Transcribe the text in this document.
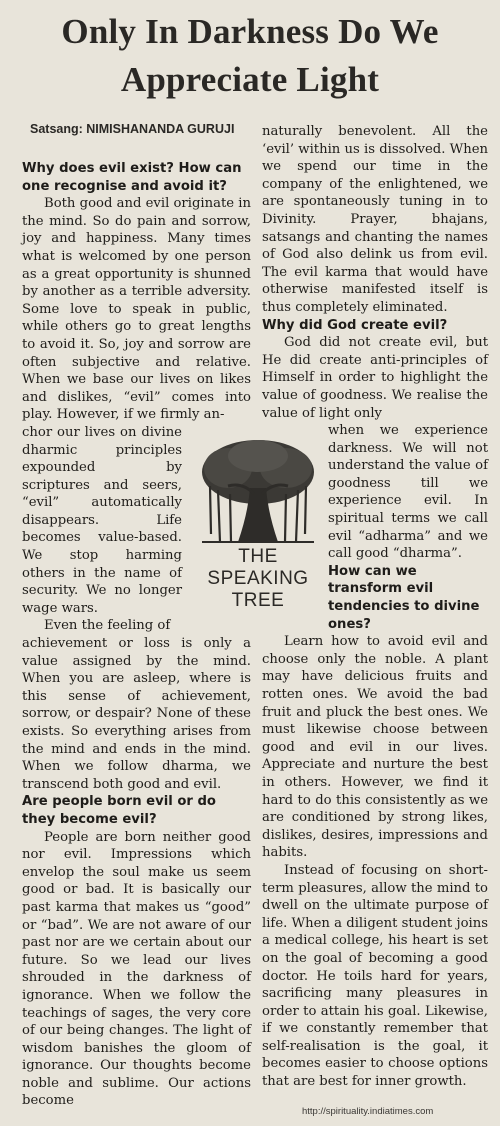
Only In Darkness Do We
Appreciate Light
Satsang: NIMISHANANDA GURUJI

Why does evil exist? How can one recognise and avoid it?

Both good and evil originate in the mind. So do pain and sorrow, joy and happiness. Many times what is welcomed by one person as a great opportunity is shunned by another as a terrible adversity. Some love to speak in public, while others go to great lengths to avoid it. So, joy and sorrow are often subjective and relative. When we base our lives on likes and dislikes, “evil” comes into play. However, if we firmly an-

chor our lives on divine dharmic principles expounded by scriptures and seers, “evil” automatically disappears. Life becomes value-based. We stop harming others in the name of security. We no longer wage wars.

Even the feeling of

achievement or loss is only a value assigned by the mind. When you are asleep, where is this sense of achievement, sorrow, or despair? None of these exists. So everything arises from the mind and ends in the mind. When we follow dharma, we transcend both good and evil.

Are people born evil or do they become evil?

People are born neither good nor evil. Impressions which envelop the soul make us seem good or bad. It is basically our past karma that makes us “good” or “bad”. We are not aware of our past nor are we certain about our future. So we lead our lives shrouded in the darkness of ignorance. When we follow the teachings of sages, the very core of our being changes. The light of wisdom banishes the gloom of ignorance. Our thoughts become noble and sublime. Our actions become

naturally benevolent. All the ‘evil’ within us is dissolved. When we spend our time in the company of the enlightened, we are spontaneously tuning in to Divinity. Prayer, bhajans, satsangs and chanting the names of God also delink us from evil. The evil karma that would have otherwise manifested itself is thus completely eliminated.

Why did God create evil?

God did not create evil, but He did create anti-principles of Himself in order to highlight the value of goodness. We realise the value of light only

when we experience darkness. We will not understand the value of goodness till we experience evil. In spiritual terms we call evil “adharma” and we call good “dharma”.

How can we transform evil tendencies to divine ones?

Learn how to avoid evil and choose only the noble. A plant may have delicious fruits and rotten ones. We avoid the bad fruit and pluck the best ones. We must likewise choose between good and evil in our lives. Appreciate and nurture the best in others. However, we find it hard to do this consistently as we are conditioned by strong likes, dislikes, desires, impressions and habits.

Instead of focusing on short-term pleasures, allow the mind to dwell on the ultimate purpose of life. When a diligent student joins a medical college, his heart is set on the goal of becoming a good doctor. He toils hard for years, sacrificing many pleasures in order to attain his goal. Likewise, if we constantly remember that self-realisation is the goal, it becomes easier to choose options that are best for inner growth.

THE
SPEAKING
TREE
http://spirituality.indiatimes.com
